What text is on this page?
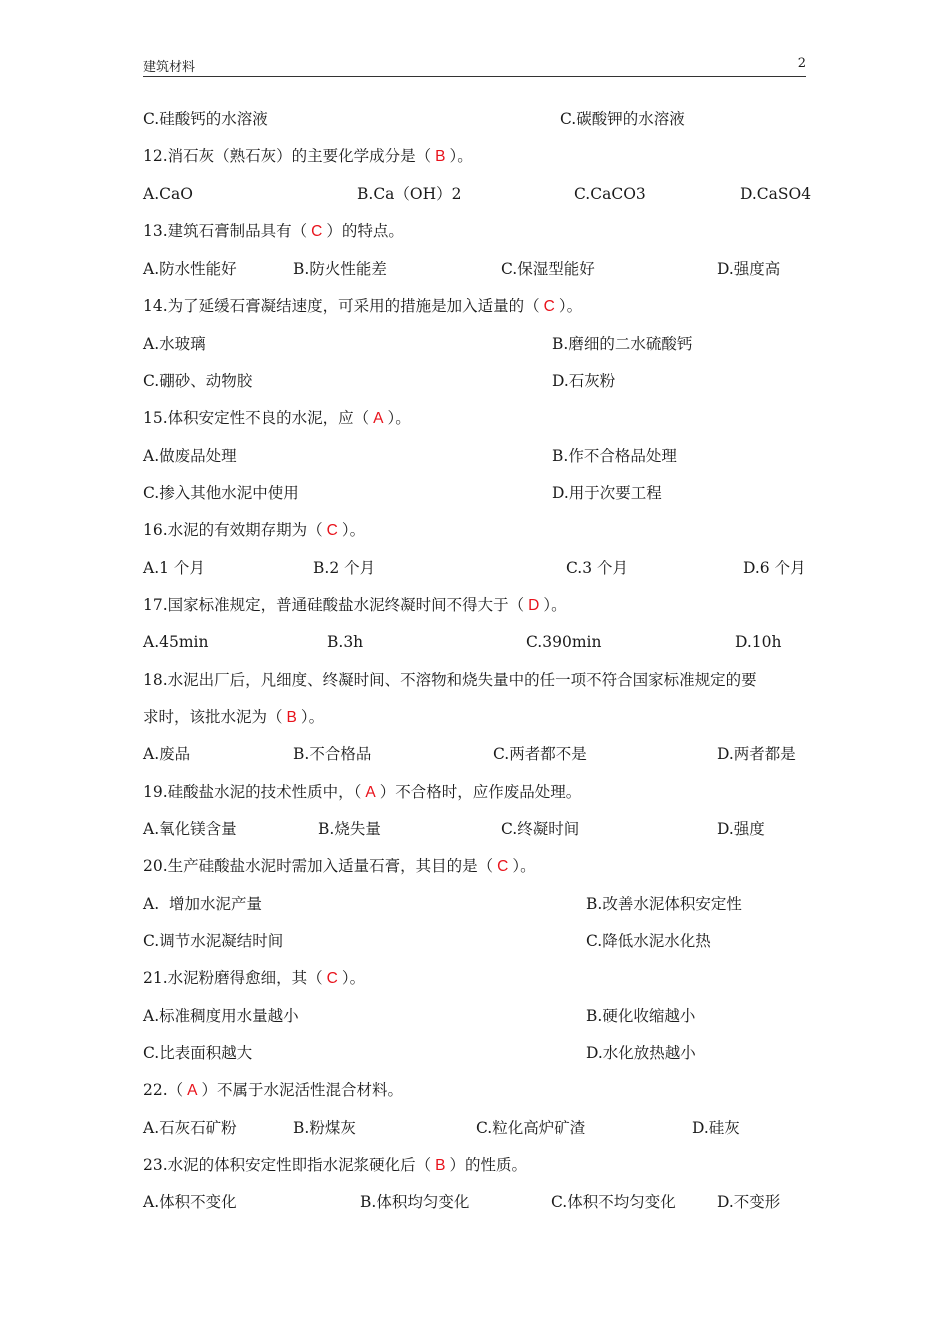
建筑材料	2
C.硅酸钙的水溶液	C.碳酸钾的水溶液
12.消石灰（熟石灰）的主要化学成分是（ B ）。
A.CaO	B.Ca（OH）2	C.CaCO3	D.CaSO4
13.建筑石膏制品具有（ C ）的特点。
A.防水性能好	B.防火性能差	C.保湿型能好	D.强度高
14.为了延缓石膏凝结速度，可采用的措施是加入适量的（ C ）。
A.水玻璃	B.磨细的二水硫酸钙
C.硼砂、动物胶	D.石灰粉
15.体积安定性不良的水泥，应（ A ）。
A.做废品处理	B.作不合格品处理
C.掺入其他水泥中使用	D.用于次要工程
16.水泥的有效期存期为（ C ）。
A.1 个月	B.2 个月	C.3 个月	D.6 个月
17.国家标准规定，普通硅酸盐水泥终凝时间不得大于（ D ）。
A.45min	B.3h	C.390min	D.10h
18.水泥出厂后，凡细度、终凝时间、不溶物和烧失量中的任一项不符合国家标准规定的要
求时，该批水泥为（ B ）。
A.废品	B.不合格品	C.两者都不是	D.两者都是
19.硅酸盐水泥的技术性质中，（ A ）不合格时，应作废品处理。
A.氧化镁含量	B.烧失量	C.终凝时间	D.强度
20.生产硅酸盐水泥时需加入适量石膏，其目的是（ C ）。
A.  增加水泥产量	B.改善水泥体积安定性
C.调节水泥凝结时间	C.降低水泥水化热
21.水泥粉磨得愈细，其（ C ）。
A.标准稠度用水量越小	B.硬化收缩越小
C.比表面积越大	D.水化放热越小
22.（ A ）不属于水泥活性混合材料。
A.石灰石矿粉	B.粉煤灰	C.粒化高炉矿渣	D.硅灰
23.水泥的体积安定性即指水泥浆硬化后（ B ）的性质。
A.体积不变化	B.体积均匀变化	C.体积不均匀变化	D.不变形
